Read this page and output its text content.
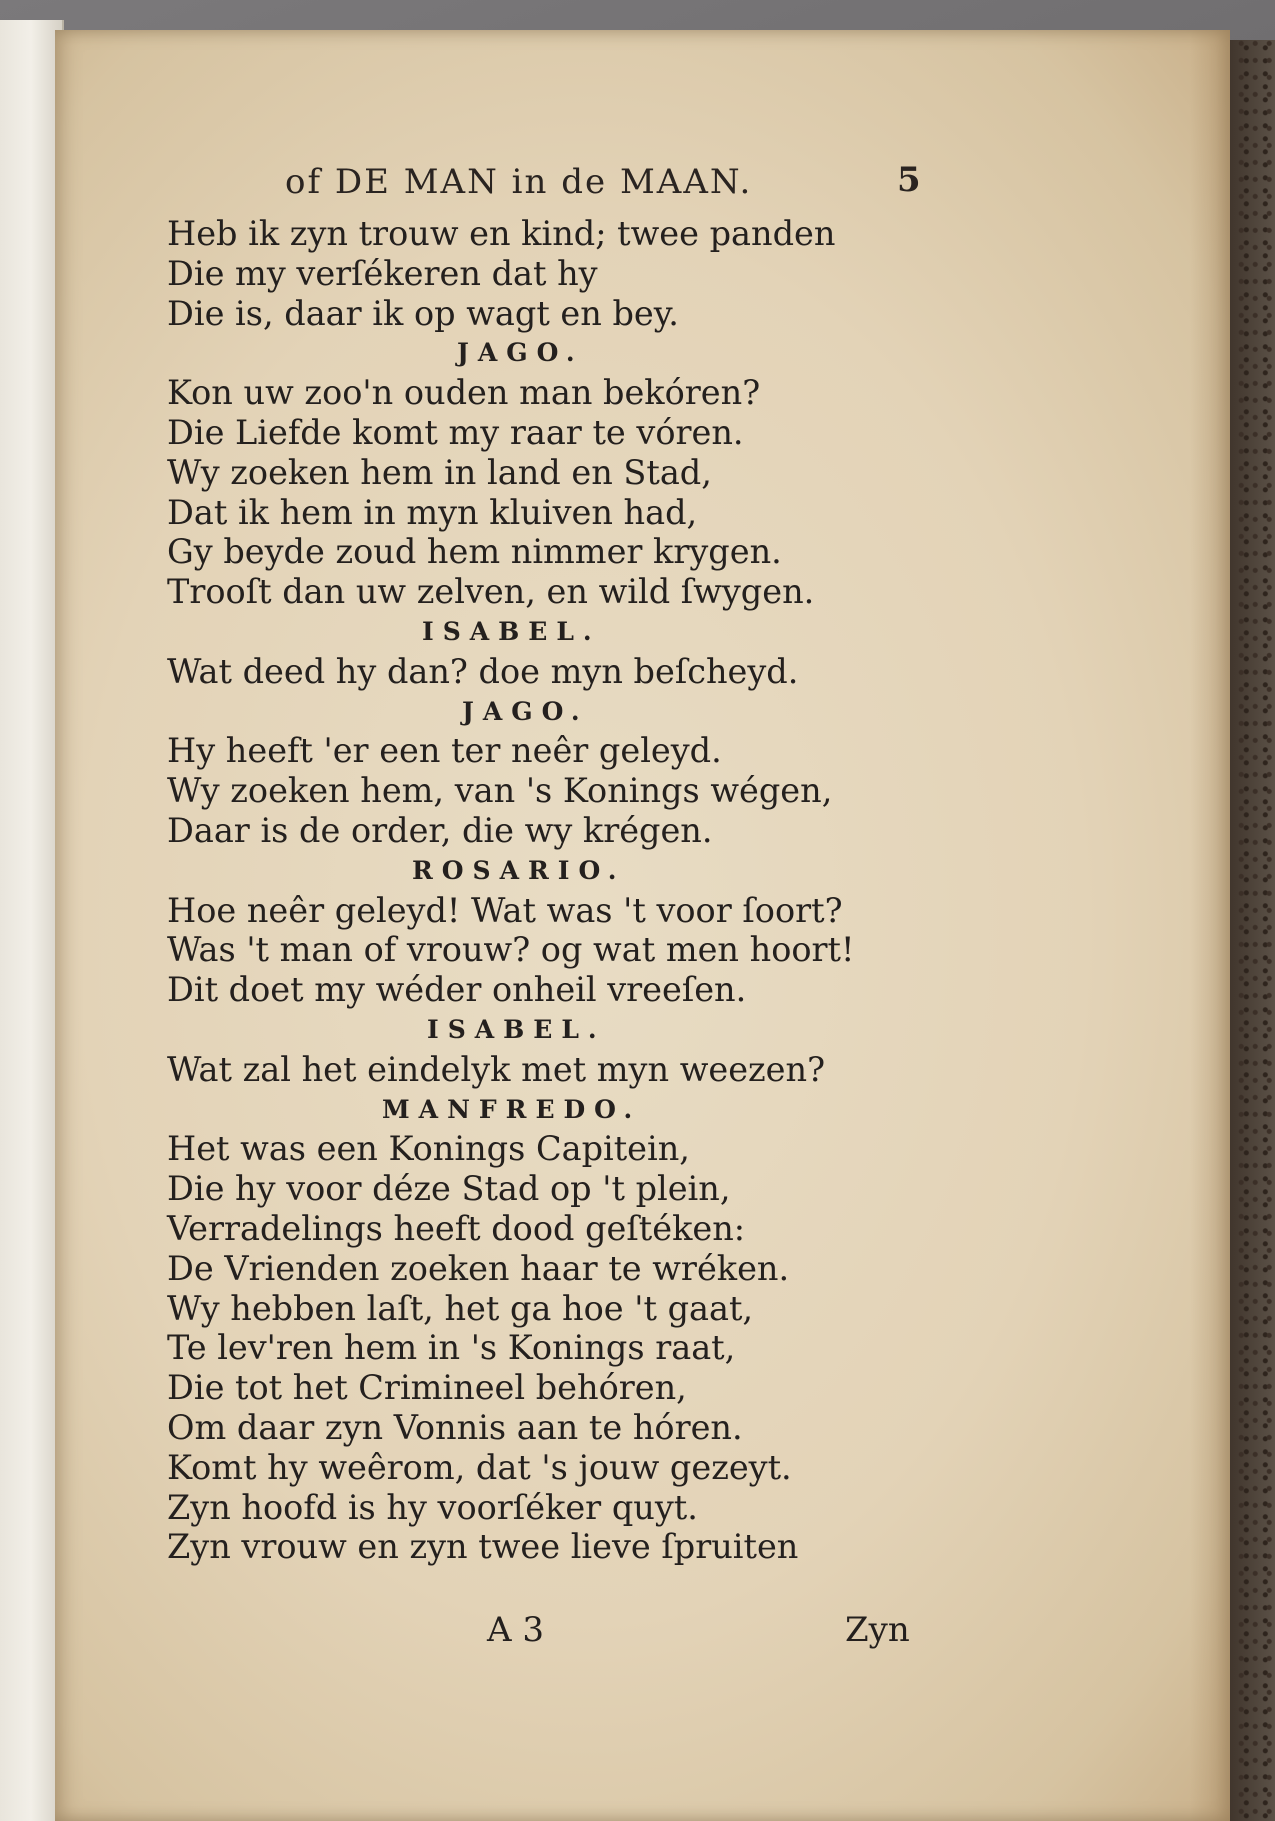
of DE MAN in de MAAN.	5
Heb ik zyn trouw en kind; twee panden
Die my verſékeren dat hy
Die is, daar ik op wagt en bey.
JAGO.
Kon uw zoo'n ouden man bekóren?
Die Liefde komt my raar te vóren.
Wy zoeken hem in land en Stad,
Dat ik hem in myn kluiven had,
Gy beyde zoud hem nimmer krygen.
Trooſt dan uw zelven, en wild ſwygen.
ISABEL.
Wat deed hy dan? doe myn beſcheyd.
JAGO.
Hy heeft 'er een ter neêr geleyd.
Wy zoeken hem, van 's Konings wégen,
Daar is de order, die wy krégen.
ROSARIO.
Hoe neêr geleyd! Wat was 't voor ſoort?
Was 't man of vrouw? og wat men hoort!
Dit doet my wéder onheil vreeſen.
ISABEL.
Wat zal het eindelyk met myn weezen?
MANFREDO.
Het was een Konings Capitein,
Die hy voor déze Stad op 't plein,
Verradelings heeft dood geſtéken:
De Vrienden zoeken haar te wréken.
Wy hebben laſt, het ga hoe 't gaat,
Te lev'ren hem in 's Konings raat,
Die tot het Crimineel behóren,
Om daar zyn Vonnis aan te hóren.
Komt hy weêrom, dat 's jouw gezeyt.
Zyn hoofd is hy voorſéker quyt.
Zyn vrouw en zyn twee lieve ſpruiten
A 3	Zyn
